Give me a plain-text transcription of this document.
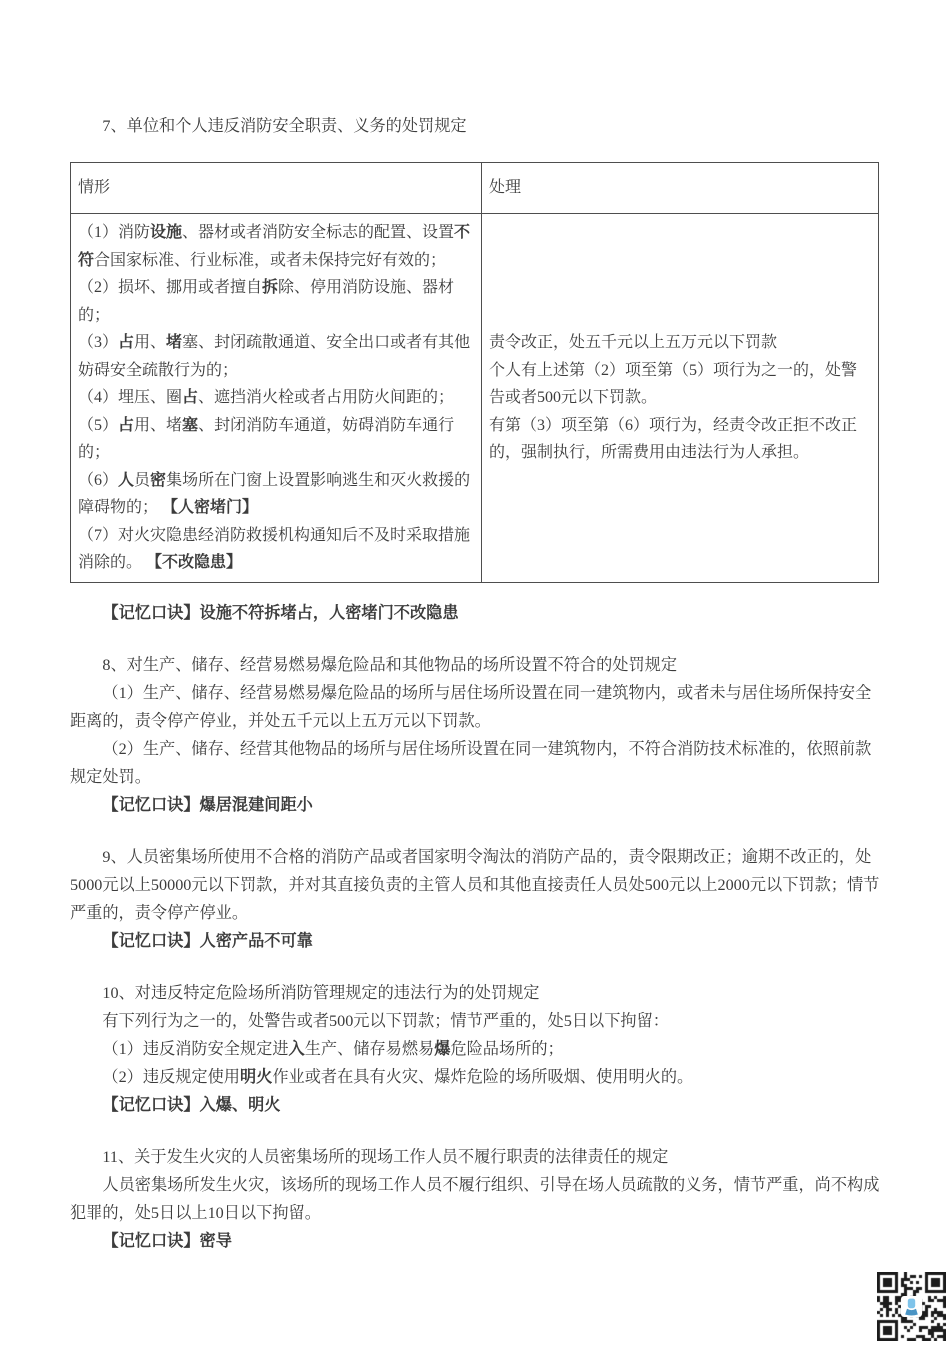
7、单位和个人违反消防安全职责、义务的处罚规定

情形	处理
（1）消防设施、器材或者消防安全标志的配置、设置不符合国家标准、行业标准，或者未保持完好有效的；
（2）损坏、挪用或者擅自拆除、停用消防设施、器材的；
（3）占用、堵塞、封闭疏散通道、安全出口或者有其他妨碍安全疏散行为的；
（4）埋压、圈占、遮挡消火栓或者占用防火间距的；
（5）占用、堵塞、封闭消防车通道，妨碍消防车通行的；
（6）人员密集场所在门窗上设置影响逃生和灭火救援的障碍物的； 【人密堵门】
（7）对火灾隐患经消防救援机构通知后不及时采取措施消除的。 【不改隐患】	责令改正，处五千元以上五万元以下罚款
个人有上述第（2）项至第（5）项行为之一的，处警告或者500元以下罚款。
有第（3）项至第（6）项行为，经责令改正拒不改正的，强制执行，所需费用由违法行为人承担。

【记忆口诀】设施不符拆堵占，人密堵门不改隐患

8、对生产、储存、经营易燃易爆危险品和其他物品的场所设置不符合的处罚规定

（1）生产、储存、经营易燃易爆危险品的场所与居住场所设置在同一建筑物内，或者未与居住场所保持安全距离的，责令停产停业，并处五千元以上五万元以下罚款。

（2）生产、储存、经营其他物品的场所与居住场所设置在同一建筑物内，不符合消防技术标准的，依照前款规定处罚。

【记忆口诀】爆居混建间距小

9、人员密集场所使用不合格的消防产品或者国家明令淘汰的消防产品的，责令限期改正；逾期不改正的，处5000元以上50000元以下罚款，并对其直接负责的主管人员和其他直接责任人员处500元以上2000元以下罚款；情节严重的，责令停产停业。

【记忆口诀】人密产品不可靠

10、对违反特定危险场所消防管理规定的违法行为的处罚规定

有下列行为之一的，处警告或者500元以下罚款；情节严重的，处5日以下拘留：

（1）违反消防安全规定进入生产、储存易燃易爆危险品场所的；

（2）违反规定使用明火作业或者在具有火灾、爆炸危险的场所吸烟、使用明火的。

【记忆口诀】入爆、明火

11、关于发生火灾的人员密集场所的现场工作人员不履行职责的法律责任的规定

人员密集场所发生火灾，该场所的现场工作人员不履行组织、引导在场人员疏散的义务，情节严重，尚不构成犯罪的，处5日以上10日以下拘留。

【记忆口诀】密导
